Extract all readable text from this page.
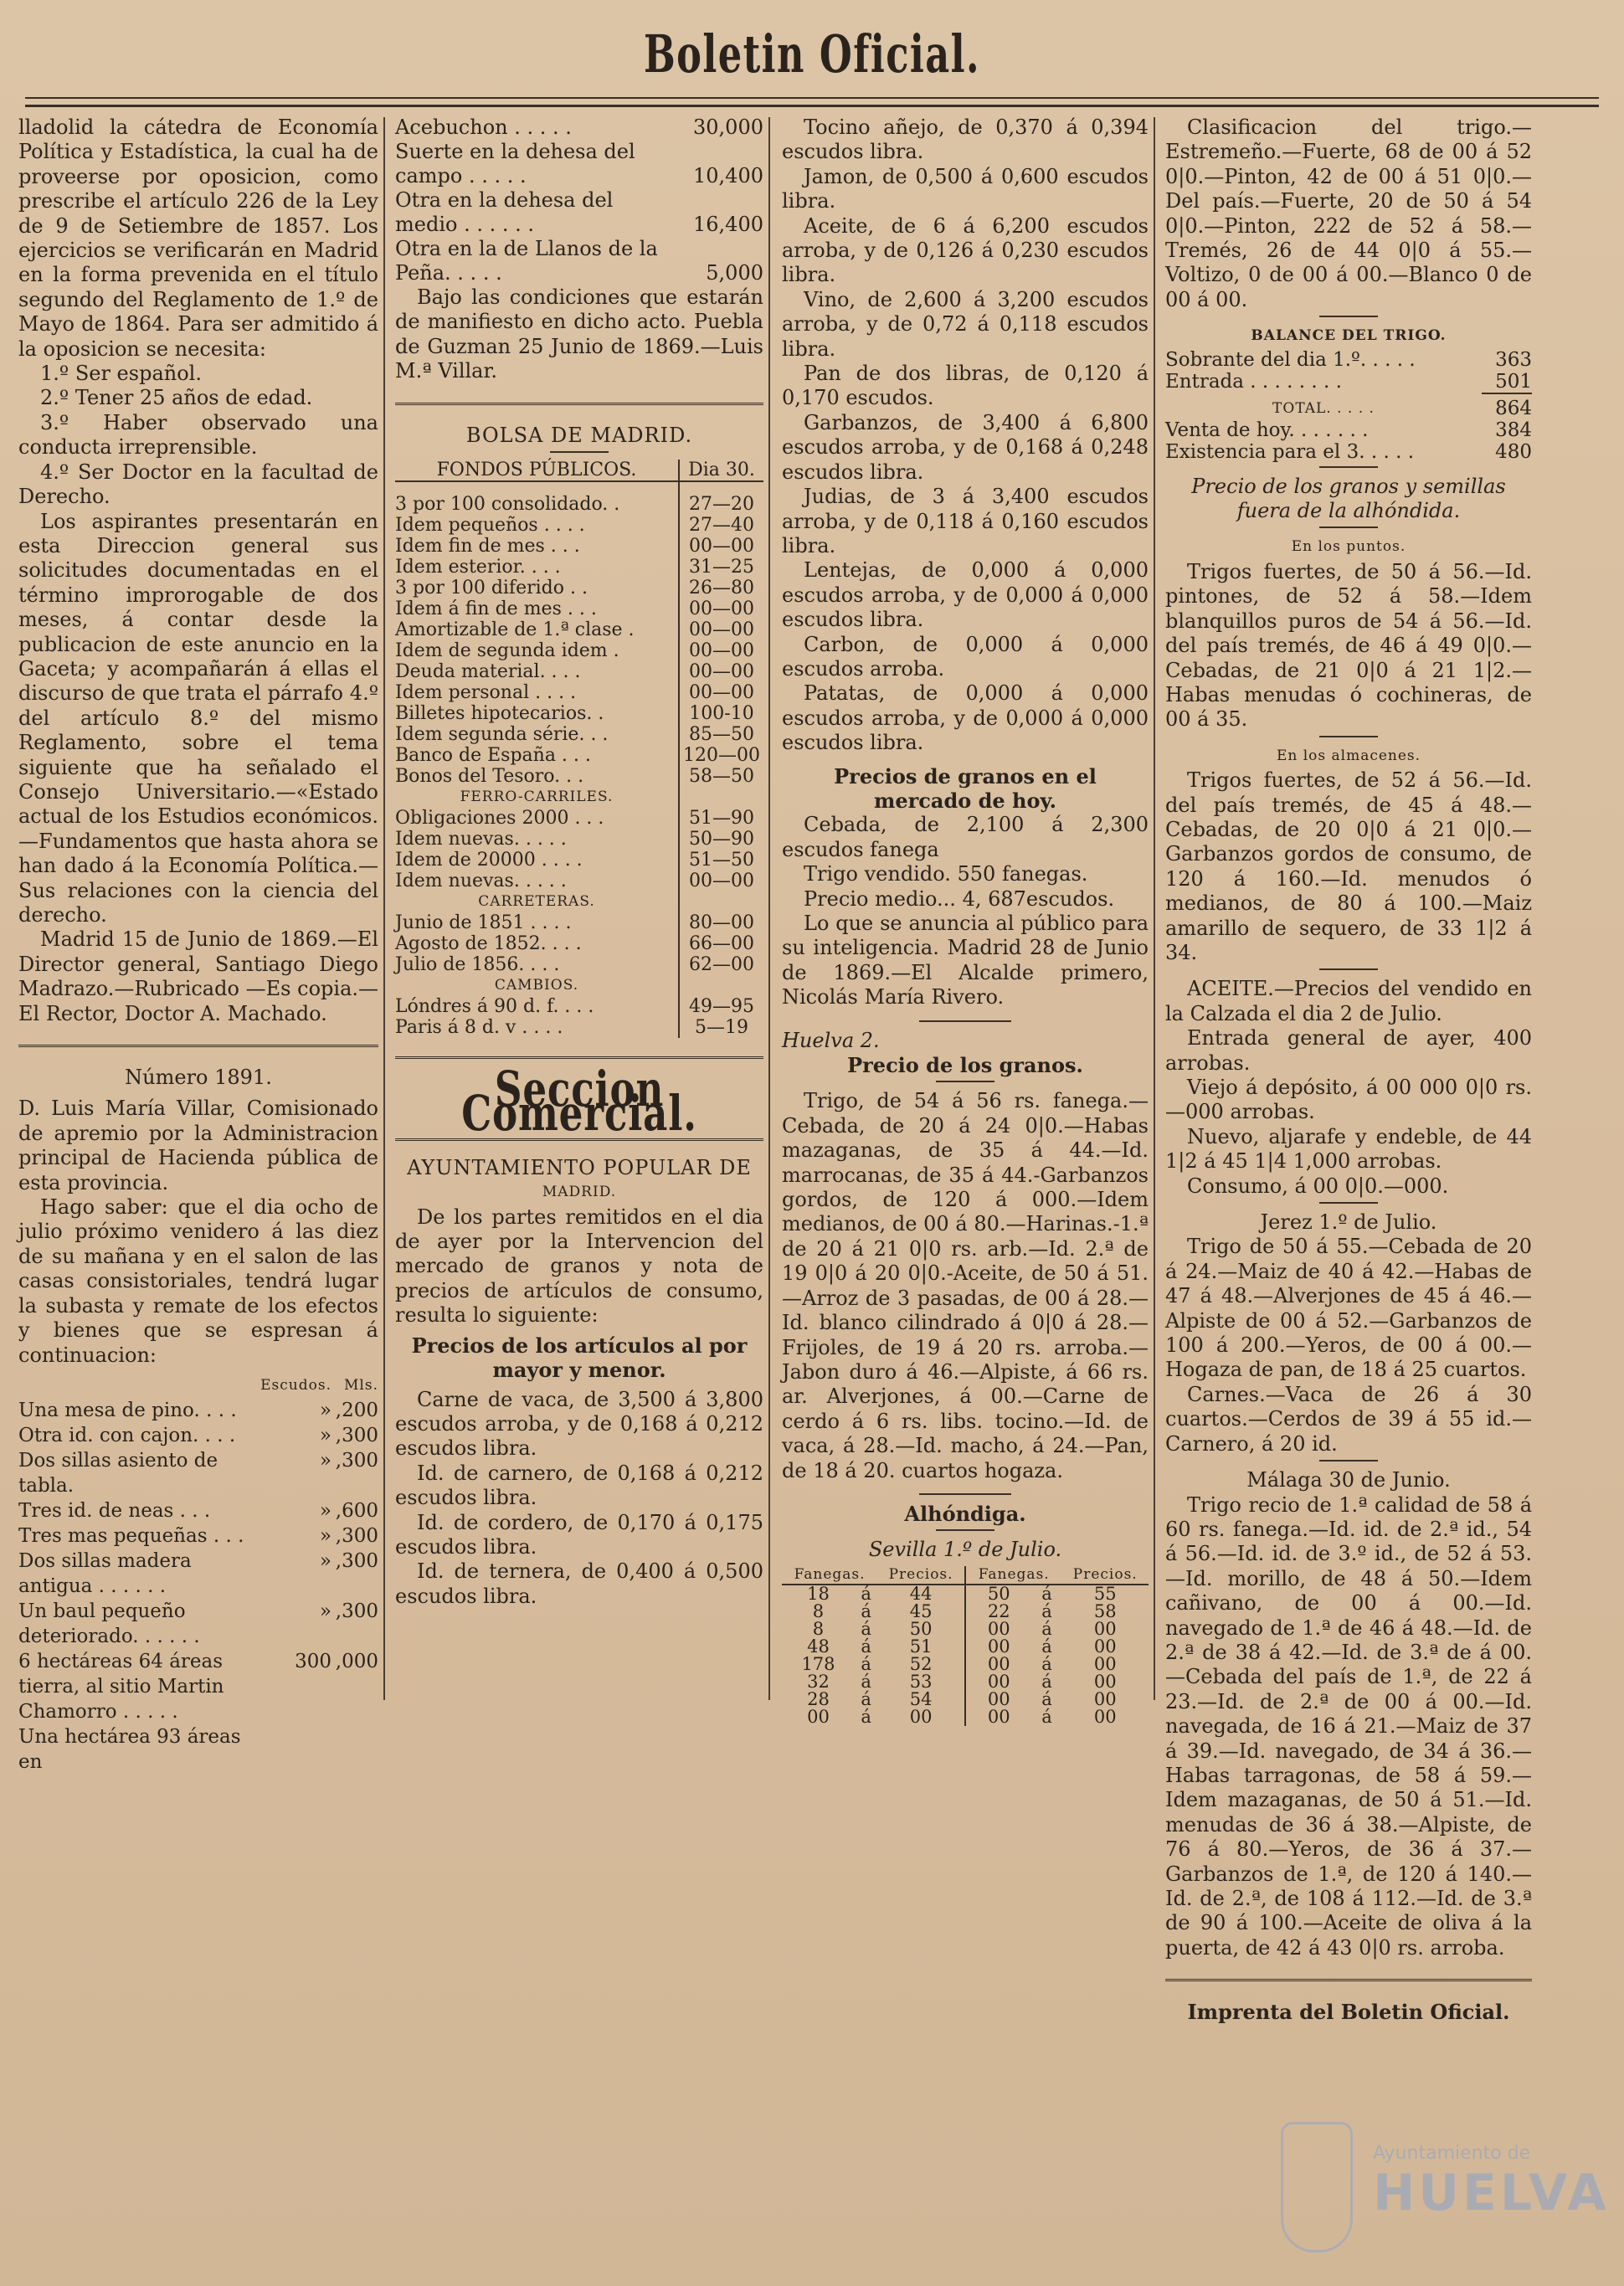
Boletin Oficial.

lladolid la cátedra de Economía Política y Estadística, la cual ha de proveerse por oposicion, como prescribe el artículo 226 de la Ley de 9 de Setiembre de 1857. Los ejercicios se verificarán en Madrid en la forma prevenida en el título segundo del Reglamento de 1.º de Mayo de 1864. Para ser admitido á la oposicion se necesita:

1.º Ser español.

2.º Tener 25 años de edad.

3.º Haber observado una conducta irreprensible.

4.º Ser Doctor en la facultad de Derecho.

Los aspirantes presentarán en esta Direccion general sus solicitudes documentadas en el término improrogable de dos meses, á contar desde la publicacion de este anuncio en la Gaceta; y acompañarán á ellas el discurso de que trata el párrafo 4.º del artículo 8.º del mismo Reglamento, sobre el tema siguiente que ha señalado el Consejo Universitario.—«Estado actual de los Estudios económicos.—Fundamentos que hasta ahora se han dado á la Economía Política.—Sus relaciones con la ciencia del derecho.

Madrid 15 de Junio de 1869.—El Director general, Santiago Diego Madrazo.—Rubricado —Es copia.—El Rector, Doctor A. Machado.

Número 1891.

D. Luis María Villar, Comisionado de apremio por la Administracion principal de Hacienda pública de esta provincia.

Hago saber: que el dia ocho de julio próximo venidero á las diez de su mañana y en el salon de las casas consistoriales, tendrá lugar la subasta y remate de los efectos y bienes que se espresan á continuacion:

	Escudos.	Mls.
Una mesa de pino. . . .	»	,200
Otra id. con cajon. . . .	»	,300
Dos sillas asiento de tabla.	»	,300
Tres id. de neas . . .	»	,600
Tres mas pequeñas . . .	»	,300
Dos sillas madera antigua . . . . . .	»	,300
Un baul pequeño deteriorado. . . . . .	»	,300
6 hectáreas 64 áreas tierra, al sitio Martin Chamorro . . . . .	300	,000
Una hectárea 93 áreas en		
Acebuchon . . . . .	30,000
Suerte en la dehesa del campo . . . . .	10,400
Otra en la dehesa del medio . . . . . .	16,400
Otra en la de Llanos de la Peña. . . . .	5,000

Bajo las condiciones que estarán de manifiesto en dicho acto. Puebla de Guzman 25 Junio de 1869.—Luis M.ª Villar.

BOLSA DE MADRID.

FONDOS PÚBLICOS.	Dia 30.

3 por 100 consolidado. .	27—20
Idem pequeños . . . .	27—40
Idem fin de mes . . .	00—00
Idem esterior. . . .	31—25
3 por 100 diferido . .	26—80
Idem á fin de mes . . .	00—00
Amortizable de 1.ª clase .	00—00
Idem de segunda idem .	00—00
Deuda material. . . .	00—00
Idem personal . . . .	00—00
Billetes hipotecarios. .	100-10
Idem segunda série. . .	85—50
Banco de España . . .	120—00
Bonos del Tesoro. . .	58—50
FERRO-CARRILES.	
Obligaciones 2000 . . .	51—90
Idem nuevas. . . . .	50—90
Idem de 20000 . . . .	51—50
Idem nuevas. . . . .	00—00
CARRETERAS.	
Junio de 1851 . . . .	80—00
Agosto de 1852. . . .	66—00
Julio de 1856. . . .	62—00
CAMBIOS.	
Lóndres á 90 d. f. . . .	49—95
Paris á 8 d. v . . . .	5—19
Seccion Comercial.

AYUNTAMIENTO POPULAR DE

MADRID.

De los partes remitidos en el dia de ayer por la Intervencion del mercado de granos y nota de precios de artículos de consumo, resulta lo siguiente:

Precios de los artículos al por mayor y menor.

Carne de vaca, de 3,500 á 3,800 escudos arroba, y de 0,168 á 0,212 escudos libra.

Id. de carnero, de 0,168 á 0,212 escudos libra.

Id. de cordero, de 0,170 á 0,175 escudos libra.

Id. de ternera, de 0,400 á 0,500 escudos libra.

Tocino añejo, de 0,370 á 0,394 escudos libra.

Jamon, de 0,500 á 0,600 escudos libra.

Aceite, de 6 á 6,200 escudos arroba, y de 0,126 á 0,230 escudos libra.

Vino, de 2,600 á 3,200 escudos arroba, y de 0,72 á 0,118 escudos libra.

Pan de dos libras, de 0,120 á 0,170 escudos.

Garbanzos, de 3,400 á 6,800 escudos arroba, y de 0,168 á 0,248 escudos libra.

Judias, de 3 á 3,400 escudos arroba, y de 0,118 á 0,160 escudos libra.

Lentejas, de 0,000 á 0,000 escudos arroba, y de 0,000 á 0,000 escudos libra.

Carbon, de 0,000 á 0,000 escudos arroba.

Patatas, de 0,000 á 0,000 escudos arroba, y de 0,000 á 0,000 escudos libra.

Precios de granos en el mercado de hoy.

Cebada, de 2,100 á 2,300 escudos fanega

Trigo vendido. 550 fanegas.

Precio medio... 4, 687escudos.

Lo que se anuncia al público para su inteligencia. Madrid 28 de Junio de 1869.—El Alcalde primero, Nicolás María Rivero.

Huelva 2.

Precio de los granos.

Trigo, de 54 á 56 rs. fanega.—Cebada, de 20 á 24 0|0.—Habas mazaganas, de 35 á 44.—Id. marrocanas, de 35 á 44.-Garbanzos gordos, de 120 á 000.—Idem medianos, de 00 á 80.—Harinas.-1.ª de 20 á 21 0|0 rs. arb.—Id. 2.ª de 19 0|0 á 20 0|0.-Aceite, de 50 á 51.—Arroz de 3 pasadas, de 00 á 28.—Id. blanco cilindrado á 0|0 á 28.—Frijoles, de 19 á 20 rs. arroba.—Jabon duro á 46.—Alpiste, á 66 rs. ar. Alverjones, á 00.—Carne de cerdo á 6 rs. libs. tocino.—Id. de vaca, á 28.—Id. macho, á 24.—Pan, de 18 á 20. cuartos hogaza.

Alhóndiga.

Sevilla 1.º de Julio.

Fanegas.		Precios.	Fanegas.		Precios.
18	á	44	50	á	55
8	á	45	22	á	58
8	á	50	00	á	00
48	á	51	00	á	00
178	á	52	00	á	00
32	á	53	00	á	00
28	á	54	00	á	00
00	á	00	00	á	00

Clasificacion del trigo.—Estremeño.—Fuerte, 68 de 00 á 52 0|0.—Pinton, 42 de 00 á 51 0|0.—Del país.—Fuerte, 20 de 50 á 54 0|0.—Pinton, 222 de 52 á 58.—Tremés, 26 de 44 0|0 á 55.—Voltizo, 0 de 00 á 00.—Blanco 0 de 00 á 00.

BALANCE DEL TRIGO.

Sobrante del dia 1.º. . . . .	363
Entrada . . . . . . . .	501

TOTAL. . . . .	864
Venta de hoy. . . . . . .	384
Existencia para el 3. . . . .	480

Precio de los granos y semillas fuera de la alhóndida.

En los puntos.

Trigos fuertes, de 50 á 56.—Id. pintones, de 52 á 58.—Idem blanquillos puros de 54 á 56.—Id. del país tremés, de 46 á 49 0|0.—Cebadas, de 21 0|0 á 21 1|2.—Habas menudas ó cochineras, de 00 á 35.

En los almacenes.

Trigos fuertes, de 52 á 56.—Id. del país tremés, de 45 á 48.—Cebadas, de 20 0|0 á 21 0|0.—Garbanzos gordos de consumo, de 120 á 160.—Id. menudos ó medianos, de 80 á 100.—Maiz amarillo de sequero, de 33 1|2 á 34.

ACEITE.—Precios del vendido en la Calzada el dia 2 de Julio.

Entrada general de ayer, 400 arrobas.

Viejo á depósito, á 00 000 0|0 rs.—000 arrobas.

Nuevo, aljarafe y endeble, de 44 1|2 á 45 1|4 1,000 arrobas.

Consumo, á 00 0|0.—000.

Jerez 1.º de Julio.

Trigo de 50 á 55.—Cebada de 20 á 24.—Maiz de 40 á 42.—Habas de 47 á 48.—Alverjones de 45 á 46.—Alpiste de 00 á 52.—Garbanzos de 100 á 200.—Yeros, de 00 á 00.—Hogaza de pan, de 18 á 25 cuartos.

Carnes.—Vaca de 26 á 30 cuartos.—Cerdos de 39 á 55 id.—Carnero, á 20 id.

Málaga 30 de Junio.

Trigo recio de 1.ª calidad de 58 á 60 rs. fanega.—Id. id. de 2.ª id., 54 á 56.—Id. id. de 3.º id., de 52 á 53.—Id. morillo, de 48 á 50.—Idem cañivano, de 00 á 00.—Id. navegado de 1.ª de 46 á 48.—Id. de 2.ª de 38 á 42.—Id. de 3.ª de á 00.—Cebada del país de 1.ª, de 22 á 23.—Id. de 2.ª de 00 á 00.—Id. navegada, de 16 á 21.—Maiz de 37 á 39.—Id. navegado, de 34 á 36.—Habas tarragonas, de 58 á 59.—Idem mazaganas, de 50 á 51.—Id. menudas de 36 á 38.—Alpiste, de 76 á 80.—Yeros, de 36 á 37.—Garbanzos de 1.ª, de 120 á 140.—Id. de 2.ª, de 108 á 112.—Id. de 3.ª de 90 á 100.—Aceite de oliva á la puerta, de 42 á 43 0|0 rs. arroba.

Imprenta del Boletin Oficial.

Ayuntamiento de
HUELVA
